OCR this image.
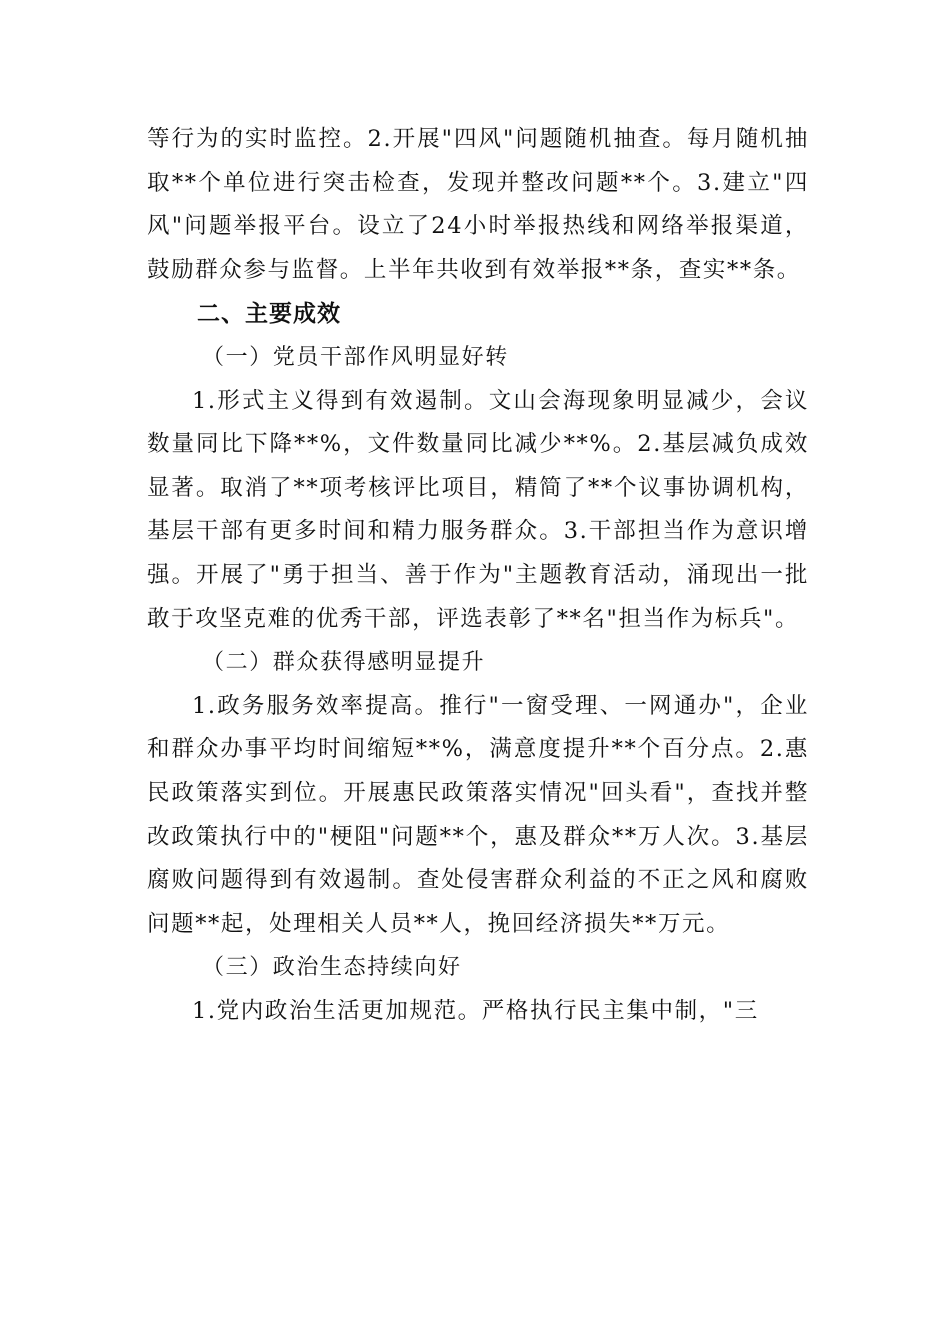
等行为的实时监控。2.开展"四风"问题随机抽查。每月随机抽取**个单位进行突击检查，发现并整改问题**个。3.建立"四风"问题举报平台。设立了24小时举报热线和网络举报渠道，鼓励群众参与监督。上半年共收到有效举报**条，查实**条。

二、主要成效

（一）党员干部作风明显好转

1.形式主义得到有效遏制。文山会海现象明显减少，会议数量同比下降**%，文件数量同比减少**%。2.基层减负成效显著。取消了**项考核评比项目，精简了**个议事协调机构，基层干部有更多时间和精力服务群众。3.干部担当作为意识增强。开展了"勇于担当、善于作为"主题教育活动，涌现出一批敢于攻坚克难的优秀干部，评选表彰了**名"担当作为标兵"。

（二）群众获得感明显提升

1.政务服务效率提高。推行"一窗受理、一网通办"，企业和群众办事平均时间缩短**%，满意度提升**个百分点。2.惠民政策落实到位。开展惠民政策落实情况"回头看"，查找并整改政策执行中的"梗阻"问题**个，惠及群众**万人次。3.基层腐败问题得到有效遏制。查处侵害群众利益的不正之风和腐败问题**起，处理相关人员**人，挽回经济损失**万元。

（三）政治生态持续向好

1.党内政治生活更加规范。严格执行民主集中制，"三
